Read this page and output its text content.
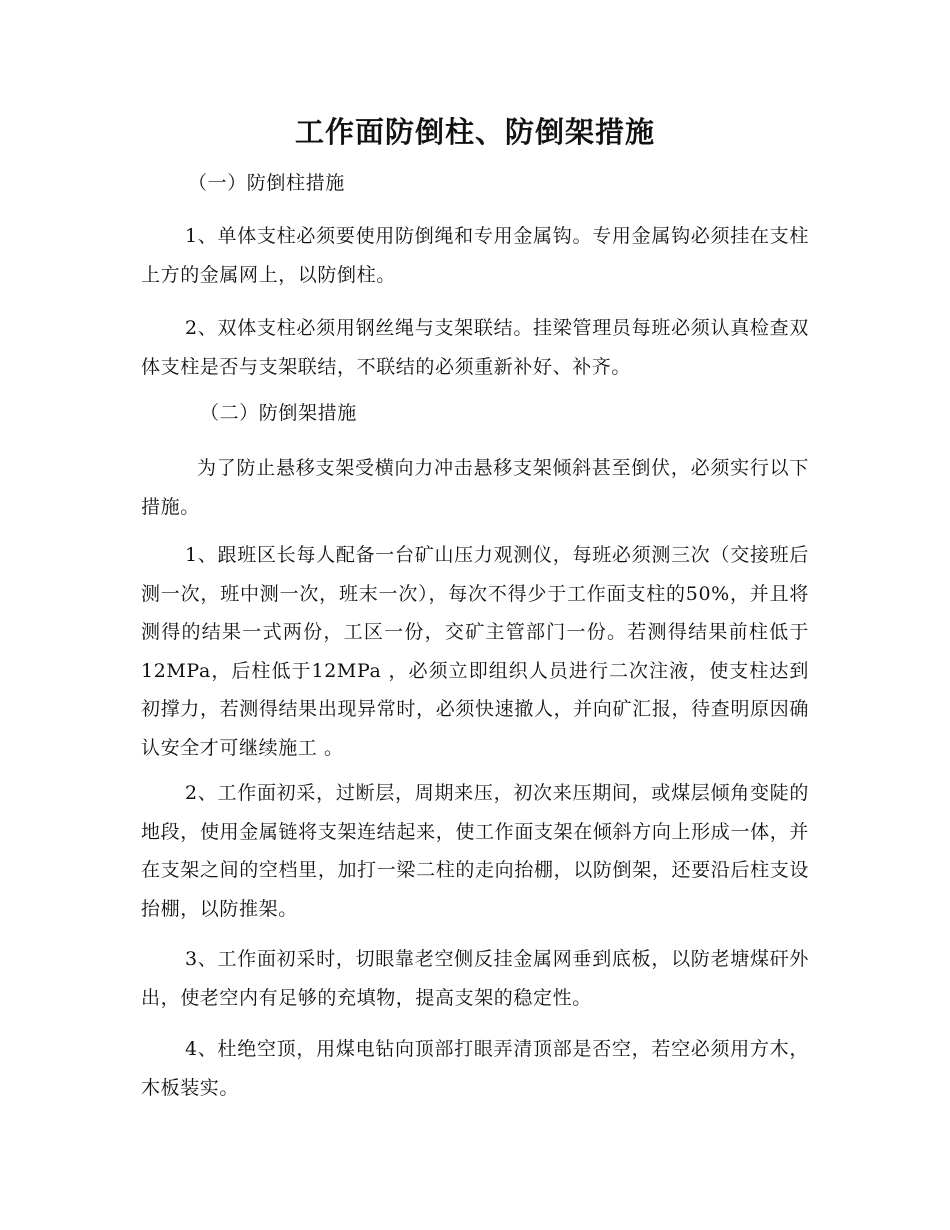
工作面防倒柱、防倒架措施

（一）防倒柱措施

1、单体支柱必须要使用防倒绳和专用金属钩。专用金属钩必须挂在支柱上方的金属网上，以防倒柱。

2、双体支柱必须用钢丝绳与支架联结。挂梁管理员每班必须认真检查双体支柱是否与支架联结，不联结的必须重新补好、补齐。

（二）防倒架措施

为了防止悬移支架受横向力冲击悬移支架倾斜甚至倒伏，必须实行以下措施。

1、跟班区长每人配备一台矿山压力观测仪，每班必须测三次（交接班后测一次，班中测一次，班末一次），每次不得少于工作面支柱的50%，并且将测得的结果一式两份，工区一份，交矿主管部门一份。若测得结果前柱低于12MPa，后柱低于12MPa ，必须立即组织人员进行二次注液，使支柱达到初撑力，若测得结果出现异常时，必须快速撤人，并向矿汇报，待查明原因确认安全才可继续施工 。

2、工作面初采，过断层，周期来压，初次来压期间，或煤层倾角变陡的地段，使用金属链将支架连结起来，使工作面支架在倾斜方向上形成一体，并在支架之间的空档里，加打一梁二柱的走向抬棚，以防倒架，还要沿后柱支设抬棚，以防推架。

3、工作面初采时，切眼靠老空侧反挂金属网垂到底板，以防老塘煤矸外出，使老空内有足够的充填物，提高支架的稳定性。

4、杜绝空顶，用煤电钻向顶部打眼弄清顶部是否空，若空必须用方木，木板装实。
